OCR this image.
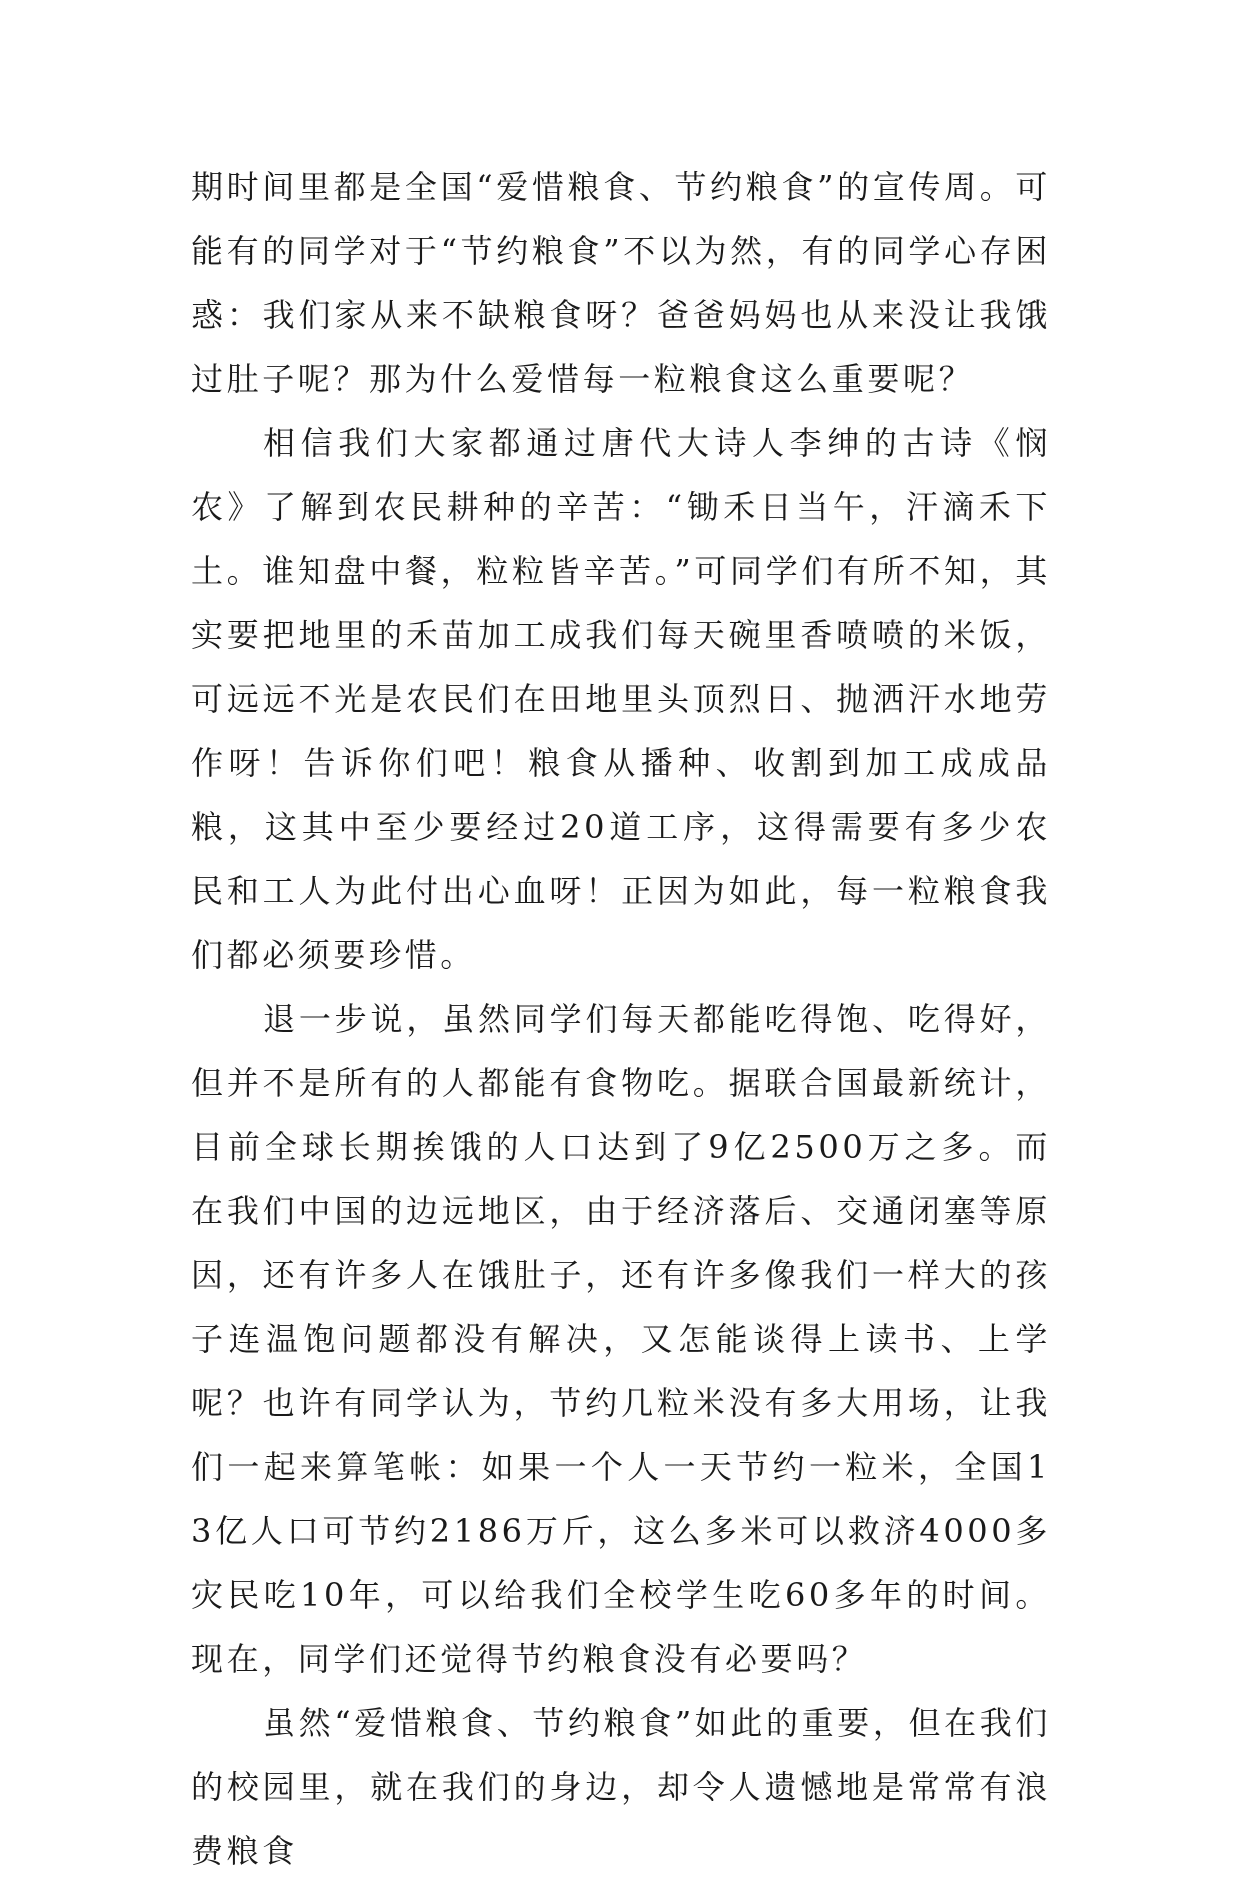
期时间里都是全国“爱惜粮食、节约粮食”的宣传周。可能有的同学对于“节约粮食”不以为然，有的同学心存困惑：我们家从来不缺粮食呀？爸爸妈妈也从来没让我饿过肚子呢？那为什么爱惜每一粒粮食这么重要呢？

相信我们大家都通过唐代大诗人李绅的古诗《悯农》了解到农民耕种的辛苦：“锄禾日当午，汗滴禾下土。谁知盘中餐，粒粒皆辛苦。”可同学们有所不知，其实要把地里的禾苗加工成我们每天碗里香喷喷的米饭，可远远不光是农民们在田地里头顶烈日、抛洒汗水地劳作呀！告诉你们吧！粮食从播种、收割到加工成成品粮，这其中至少要经过20道工序，这得需要有多少农民和工人为此付出心血呀！正因为如此，每一粒粮食我们都必须要珍惜。

退一步说，虽然同学们每天都能吃得饱、吃得好，但并不是所有的人都能有食物吃。据联合国最新统计，目前全球长期挨饿的人口达到了9亿2500万之多。而在我们中国的边远地区，由于经济落后、交通闭塞等原因，还有许多人在饿肚子，还有许多像我们一样大的孩子连温饱问题都没有解决，又怎能谈得上读书、上学呢？也许有同学认为，节约几粒米没有多大用场，让我们一起来算笔帐：如果一个人一天节约一粒米，全国13亿人口可节约2186万斤，这么多米可以救济4000多灾民吃10年，可以给我们全校学生吃60多年的时间。现在，同学们还觉得节约粮食没有必要吗？

虽然“爱惜粮食、节约粮食”如此的重要，但在我们的校园里，就在我们的身边，却令人遗憾地是常常有浪费粮食
